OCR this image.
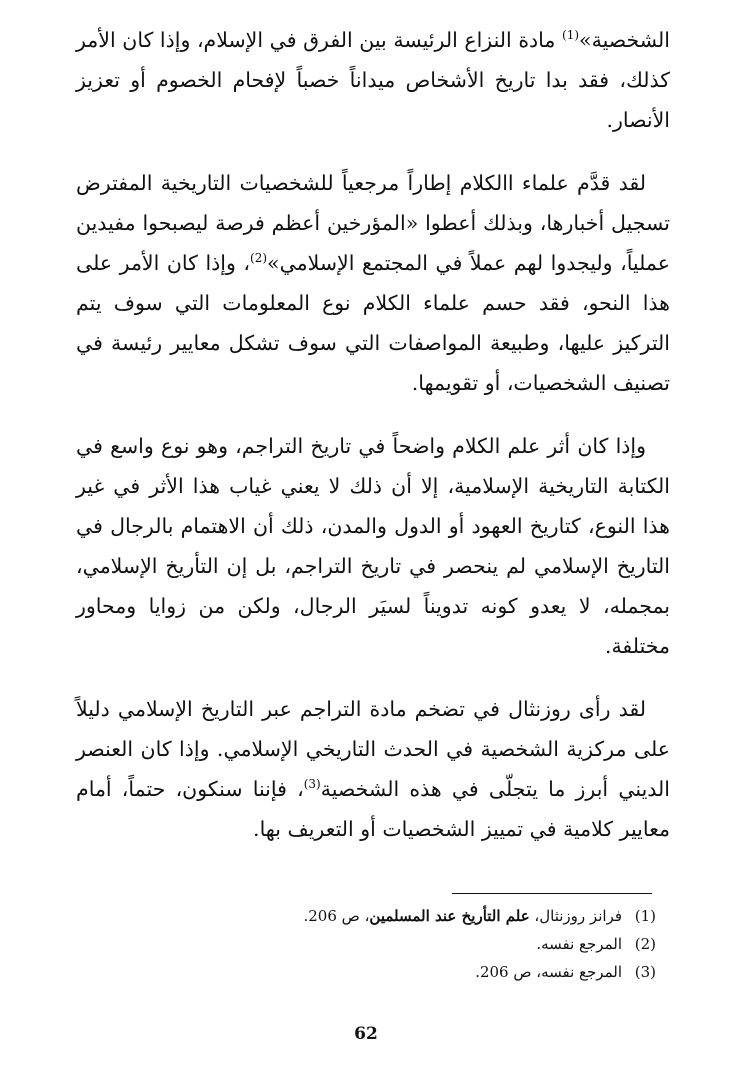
الشخصية»$^{(1)}$ مادة النزاع الرئيسة بين الفرق في الإسلام، وإذا كان الأمر كذلك، فقد بدا تاريخ الأشخاص ميداناً خصباً لإفحام الخصوم أو تعزيز الأنصار.

لقد قدَّم علماء االكلام إطاراً مرجعياً للشخصيات التاريخية المفترض تسجيل أخبارها، وبذلك أعطوا «المؤرخين أعظم فرصة ليصبحوا مفيدين عملياً، وليجدوا لهم عملاً في المجتمع الإسلامي»$^{(2)}$، وإذا كان الأمر على هذا النحو، فقد حسم علماء الكلام نوع المعلومات التي سوف يتم التركيز عليها، وطبيعة المواصفات التي سوف تشكل معايير رئيسة في تصنيف الشخصيات، أو تقويمها.

وإذا كان أثر علم الكلام واضحاً في تاريخ التراجم، وهو نوع واسع في الكتابة التاريخية الإسلامية، إلا أن ذلك لا يعني غياب هذا الأثر في غير هذا النوع، كتاريخ العهود أو الدول والمدن، ذلك أن الاهتمام بالرجال في التاريخ الإسلامي لم ينحصر في تاريخ التراجم، بل إن التأريخ الإسلامي، بمجمله، لا يعدو كونه تدويناً لسيَر الرجال، ولكن من زوايا ومحاور مختلفة.

لقد رأى روزنثال في تضخم مادة التراجم عبر التاريخ الإسلامي دليلاً على مركزية الشخصية في الحدث التاريخي الإسلامي. وإذا كان العنصر الديني أبرز ما يتجلّى في هذه الشخصية$^{(3)}$، فإننا سنكون، حتماً، أمام معايير كلامية في تمييز الشخصيات أو التعريف بها.

(1)
فرانز روزنثال، علم التأريخ عند المسلمين، ص 206.
(2)
المرجع نفسه.
(3)
المرجع نفسه، ص 206.
62
